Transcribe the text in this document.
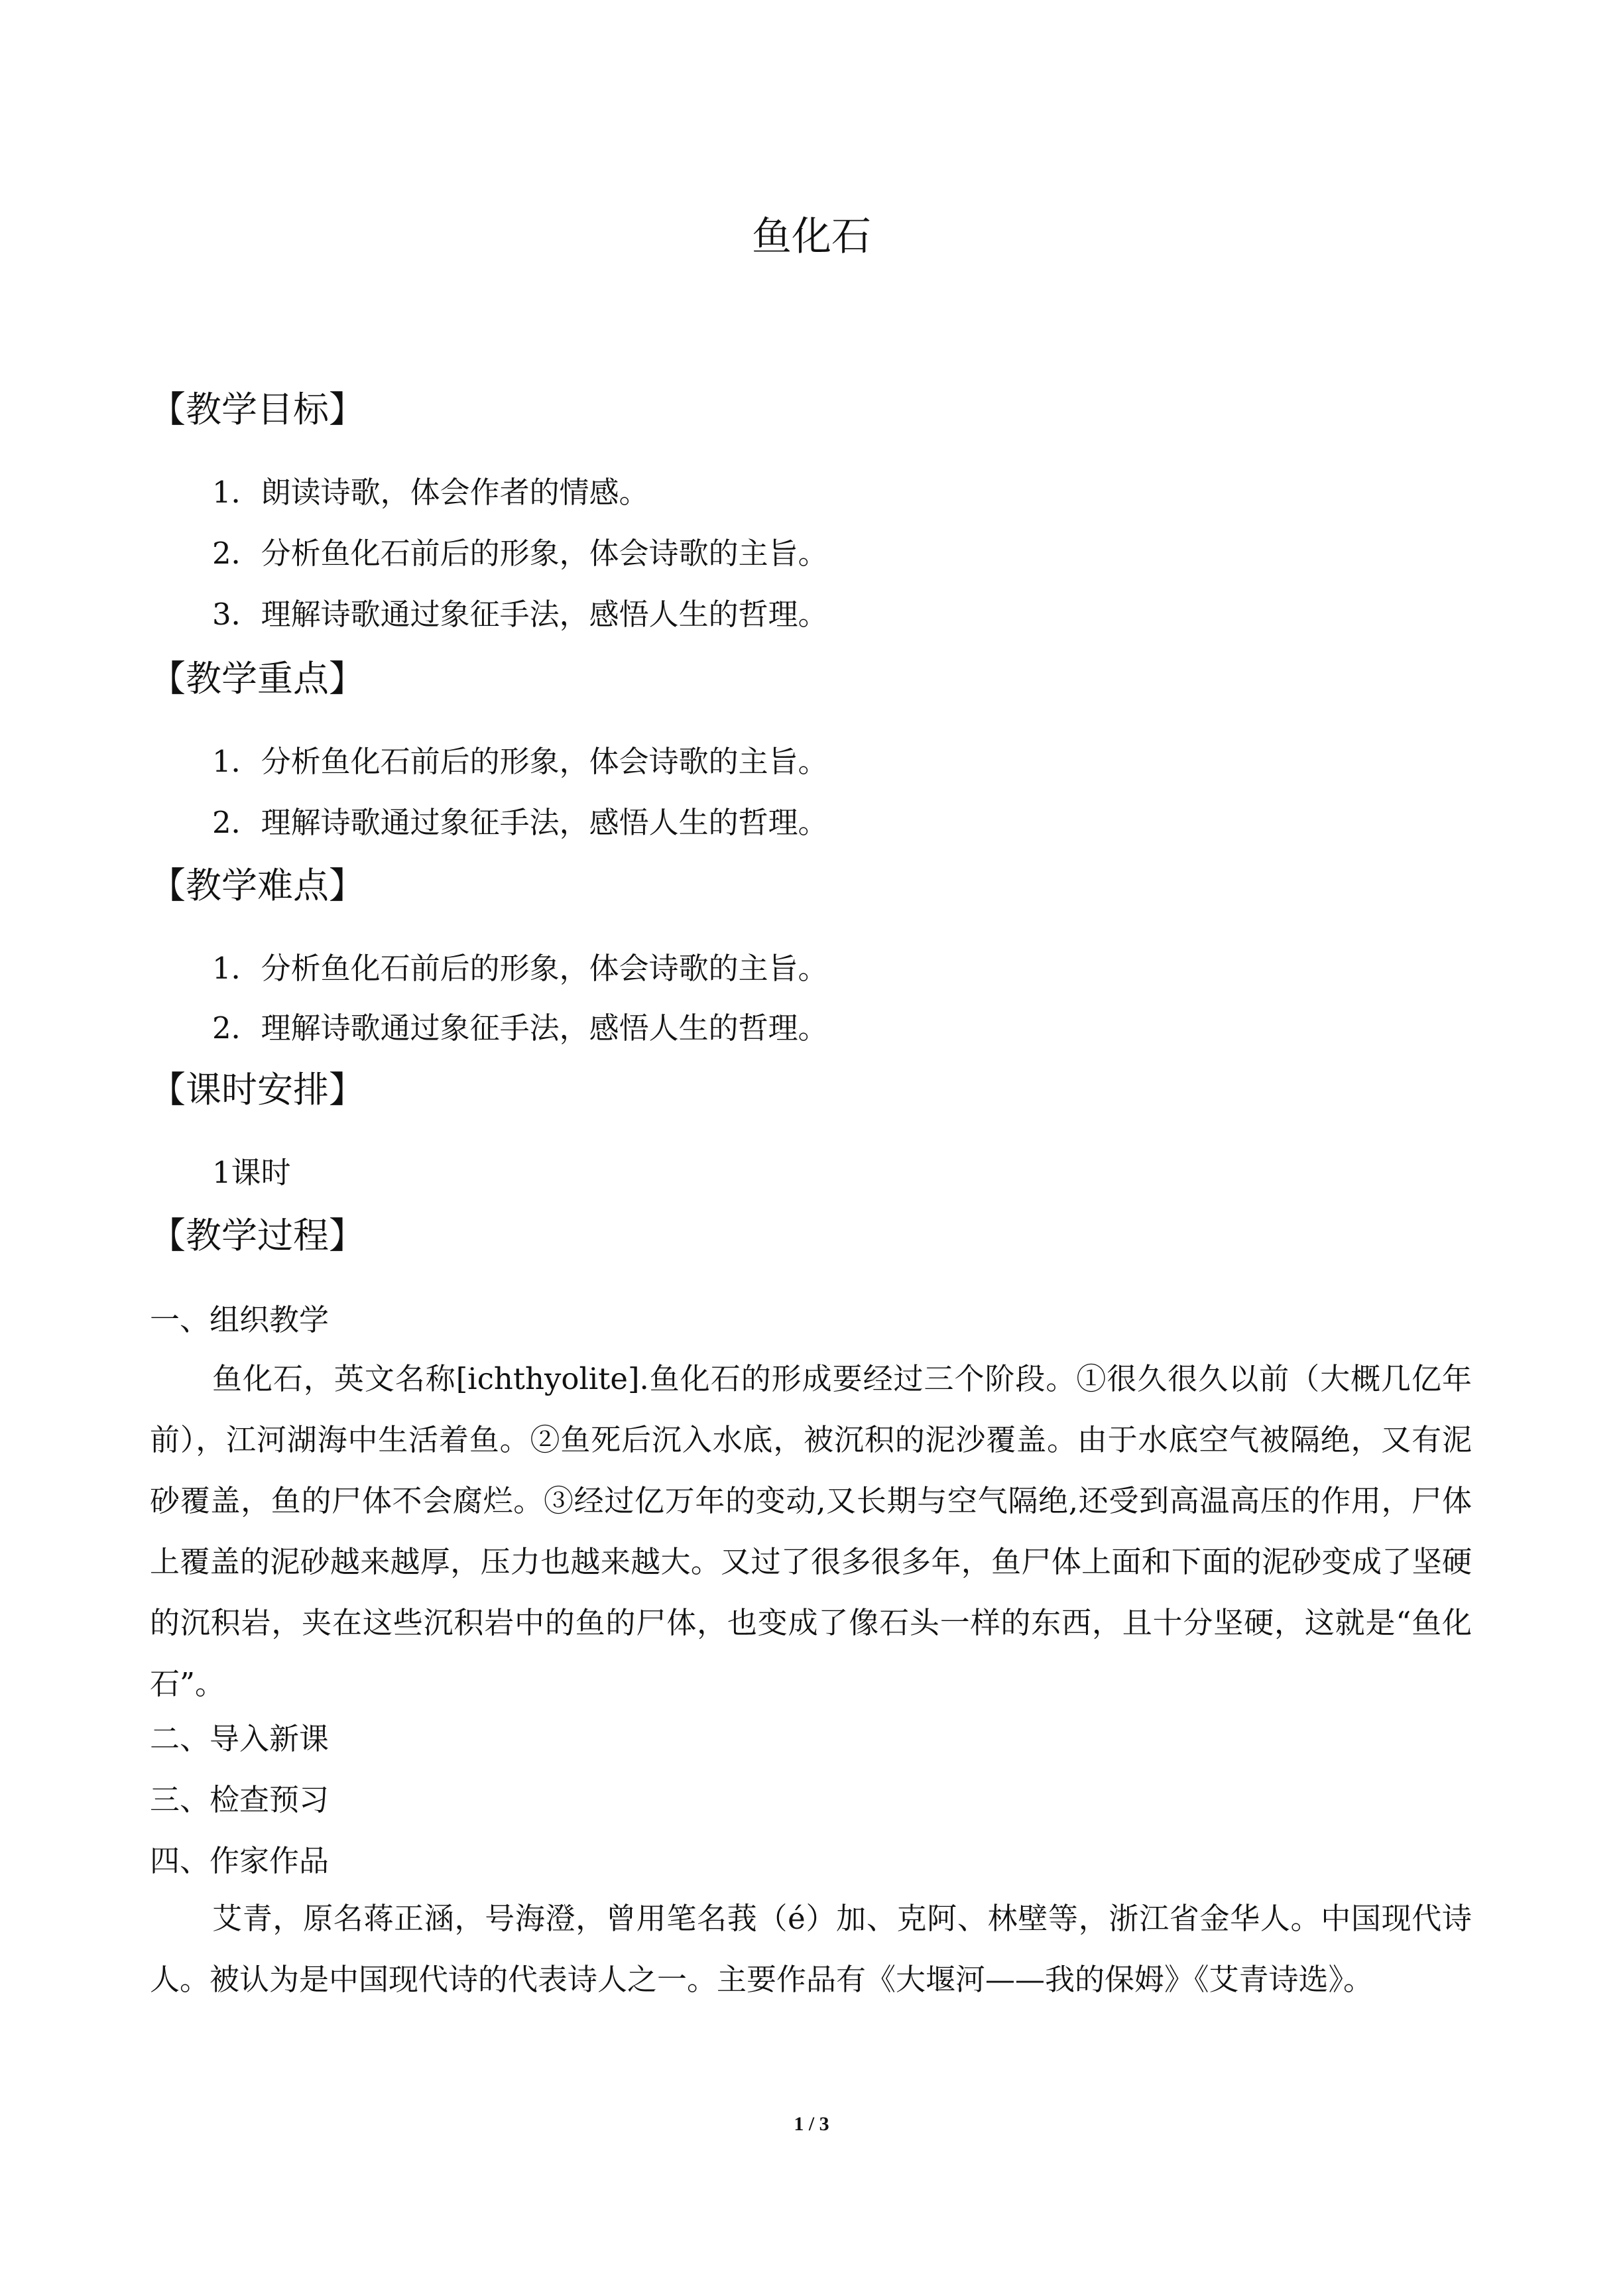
鱼化石
【教学目标】
1．朗读诗歌，体会作者的情感。
2．分析鱼化石前后的形象，体会诗歌的主旨。
3．理解诗歌通过象征手法，感悟人生的哲理。
【教学重点】
1．分析鱼化石前后的形象，体会诗歌的主旨。
2．理解诗歌通过象征手法，感悟人生的哲理。
【教学难点】
1．分析鱼化石前后的形象，体会诗歌的主旨。
2．理解诗歌通过象征手法，感悟人生的哲理。
【课时安排】
1课时
【教学过程】
一、组织教学
鱼化石，英文名称[ichthyolite].鱼化石的形成要经过三个阶段。①很久很久以前（大概几亿年前），江河湖海中生活着鱼。②鱼死后沉入水底，被沉积的泥沙覆盖。由于水底空气被隔绝，又有泥砂覆盖，鱼的尸体不会腐烂。③经过亿万年的变动,又长期与空气隔绝,还受到高温高压的作用，尸体上覆盖的泥砂越来越厚，压力也越来越大。又过了很多很多年，鱼尸体上面和下面的泥砂变成了坚硬的沉积岩，夹在这些沉积岩中的鱼的尸体，也变成了像石头一样的东西，且十分坚硬，这就是“鱼化石”。
二、导入新课
三、检查预习
四、作家作品
艾青，原名蒋正涵，号海澄，曾用笔名莪（é）加、克阿、林壁等，浙江省金华人。中国现代诗人。被认为是中国现代诗的代表诗人之一。主要作品有《大堰河——我的保姆》《艾青诗选》。
1 / 3
